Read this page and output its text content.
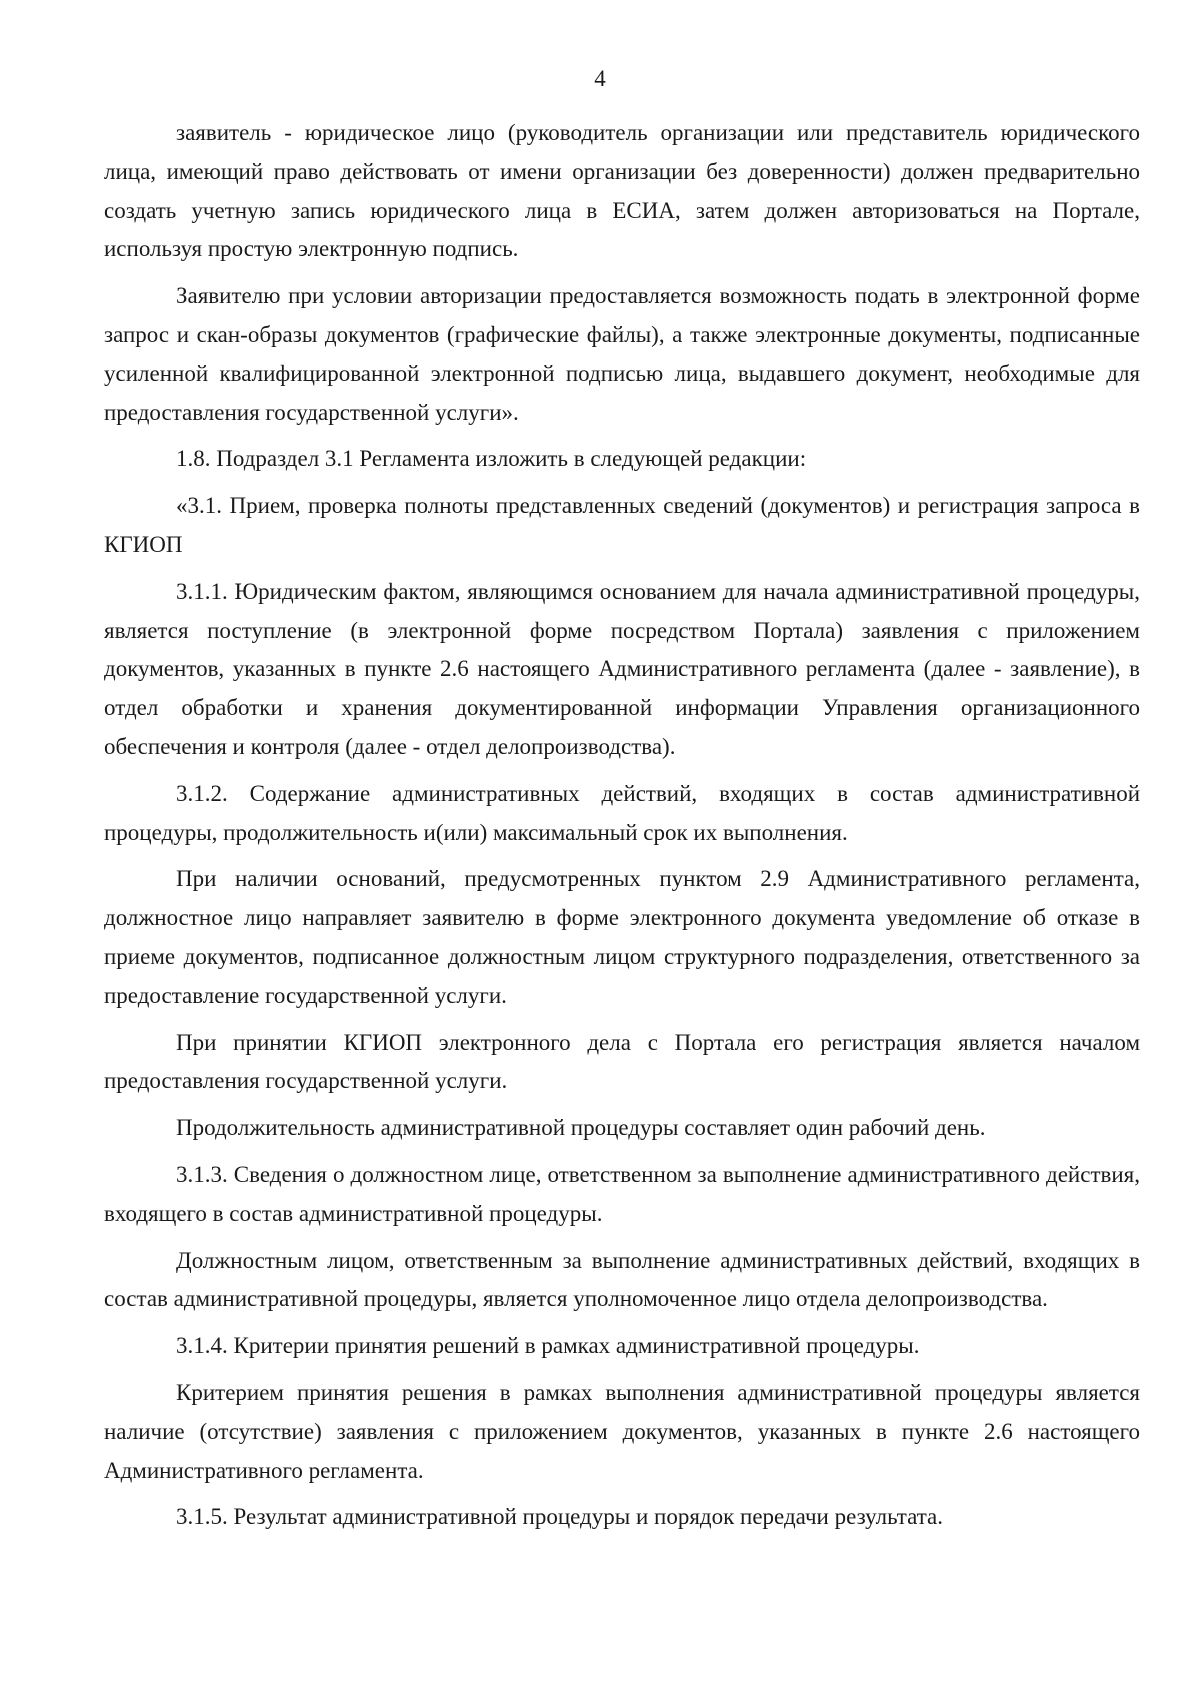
4

заявитель - юридическое лицо (руководитель организации или представитель юридического лица, имеющий право действовать от имени организации без доверенности) должен предварительно создать учетную запись юридического лица в ЕСИА, затем должен авторизоваться на Портале, используя простую электронную подпись.

Заявителю при условии авторизации предоставляется возможность подать в электронной форме запрос и скан-образы документов (графические файлы), а также электронные документы, подписанные усиленной квалифицированной электронной подписью лица, выдавшего документ, необходимые для предоставления государственной услуги».

1.8. Подраздел 3.1 Регламента изложить в следующей редакции:

«3.1. Прием, проверка полноты представленных сведений (документов) и регистрация запроса в КГИОП

3.1.1. Юридическим фактом, являющимся основанием для начала административной процедуры, является поступление (в электронной форме посредством Портала) заявления с приложением документов, указанных в пункте 2.6 настоящего Административного регламента (далее - заявление), в отдел обработки и хранения документированной информации Управления организационного обеспечения и контроля (далее - отдел делопроизводства).

3.1.2. Содержание административных действий, входящих в состав административной процедуры, продолжительность и(или) максимальный срок их выполнения.

При наличии оснований, предусмотренных пунктом 2.9 Административного регламента, должностное лицо направляет заявителю в форме электронного документа уведомление об отказе в приеме документов, подписанное должностным лицом структурного подразделения, ответственного за предоставление государственной услуги.

При принятии КГИОП электронного дела с Портала его регистрация является началом предоставления государственной услуги.

Продолжительность административной процедуры составляет один рабочий день.

3.1.3. Сведения о должностном лице, ответственном за выполнение административного действия, входящего в состав административной процедуры.

Должностным лицом, ответственным за выполнение административных действий, входящих в состав административной процедуры, является уполномоченное лицо отдела делопроизводства.

3.1.4. Критерии принятия решений в рамках административной процедуры.

Критерием принятия решения в рамках выполнения административной процедуры является наличие (отсутствие) заявления с приложением документов, указанных в пункте 2.6 настоящего Административного регламента.

3.1.5. Результат административной процедуры и порядок передачи результата.
